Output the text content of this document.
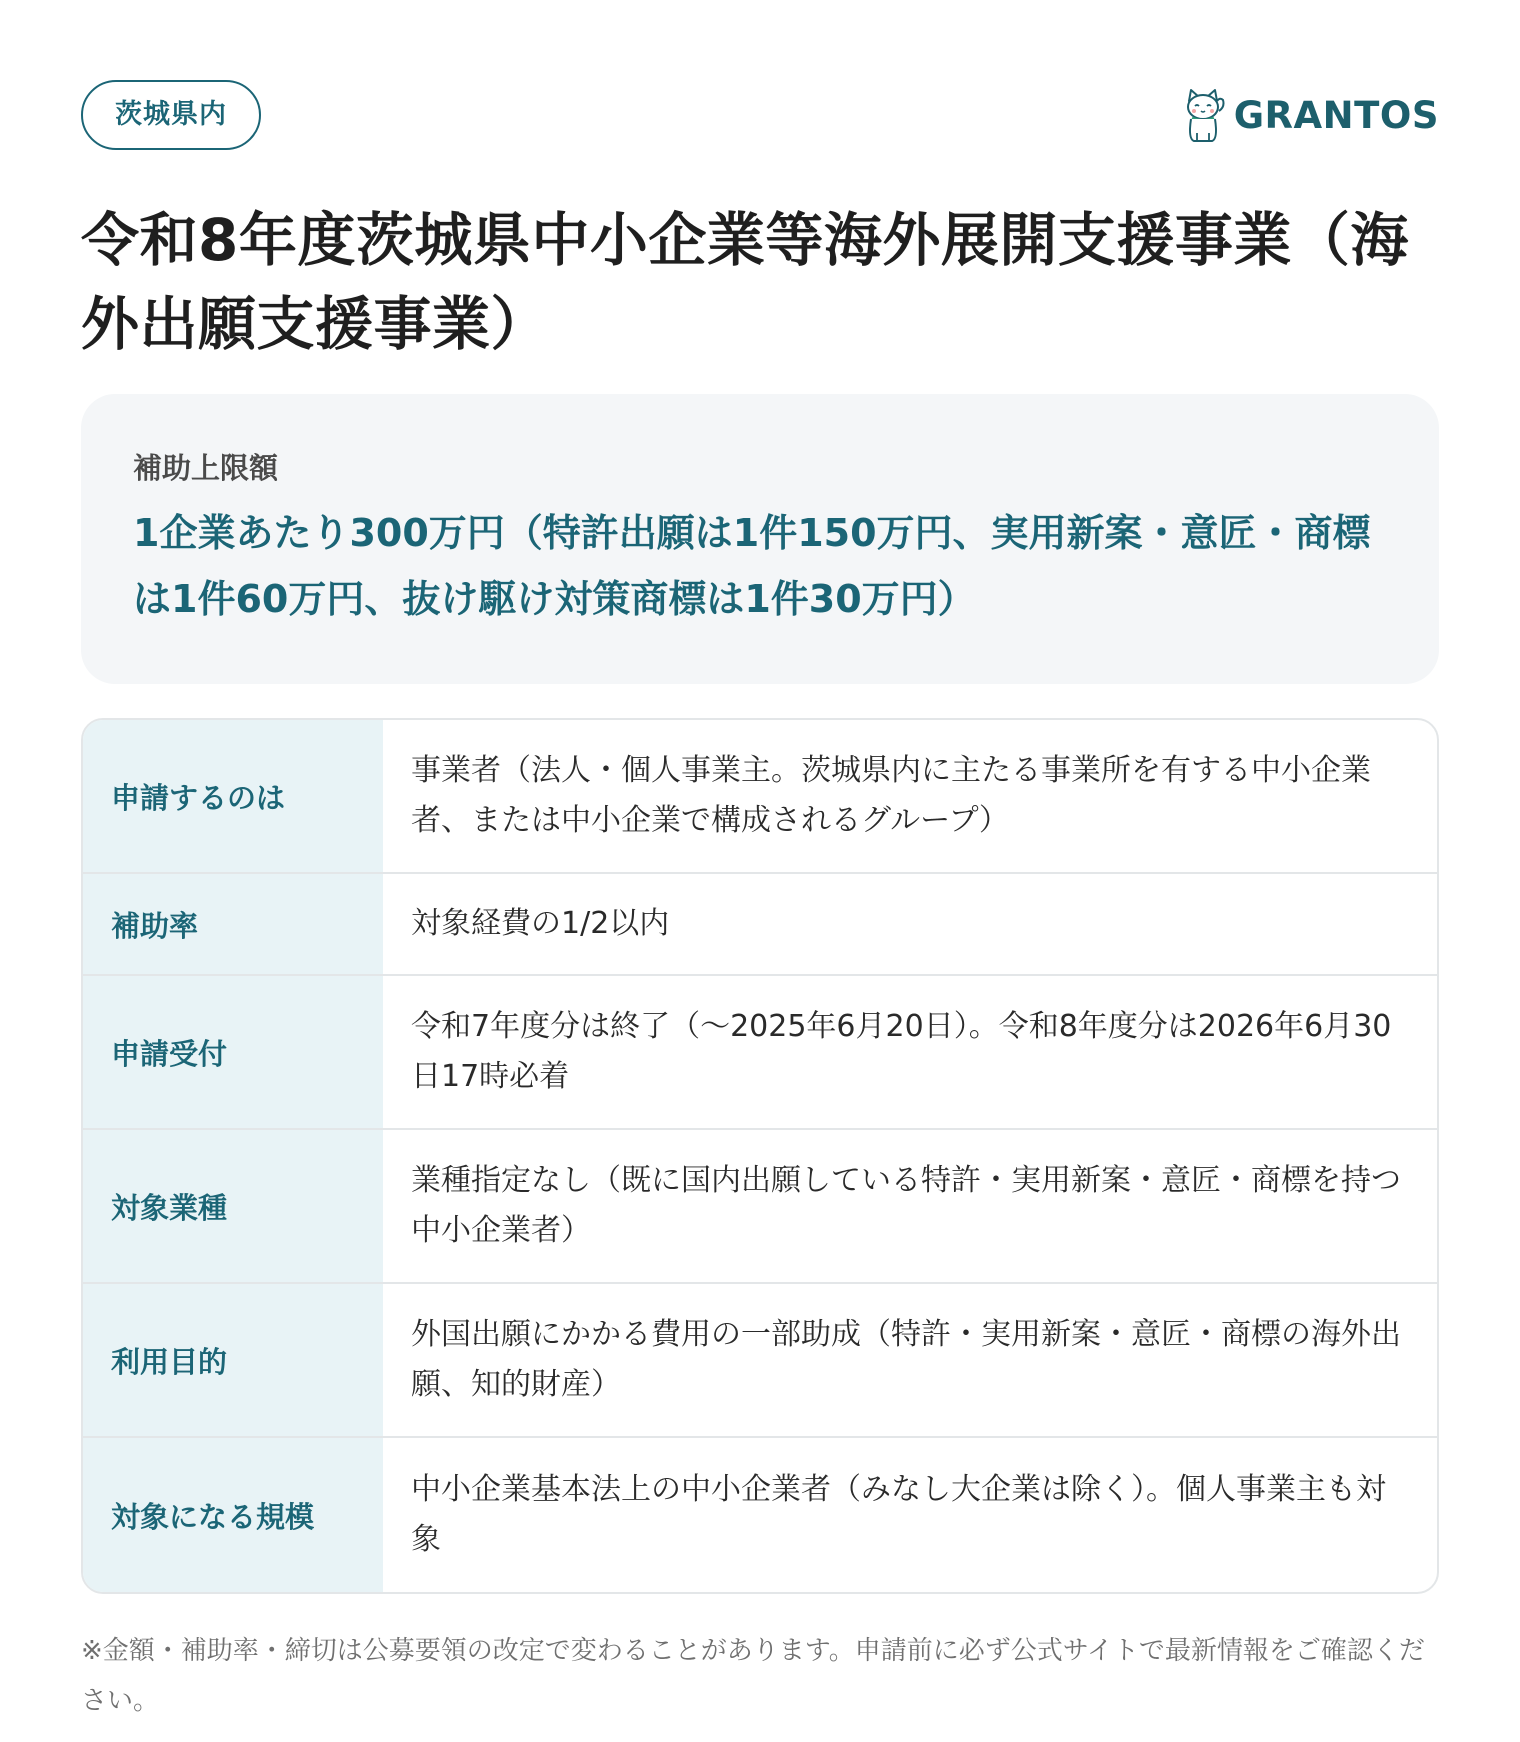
茨城県内	GRANTOS
令和8年度茨城県中小企業等海外展開支援事業（海外出願支援事業）
補助上限額
1企業あたり300万円（特許出願は1件150万円、実用新案・意匠・商標は1件60万円、抜け駆け対策商標は1件30万円）
申請するのは
事業者（法人・個人事業主。茨城県内に主たる事業所を有する中小企業者、または中小企業で構成されるグループ）
補助率	対象経費の1/2以内
申請受付
令和7年度分は終了（〜2025年6月20日）。令和8年度分は2026年6月30日17時必着
対象業種
業種指定なし（既に国内出願している特許・実用新案・意匠・商標を持つ中小企業者）
利用目的
外国出願にかかる費用の一部助成（特許・実用新案・意匠・商標の海外出願、知的財産）
対象になる規模
中小企業基本法上の中小企業者（みなし大企業は除く）。個人事業主も対象

※金額・補助率・締切は公募要領の改定で変わることがあります。申請前に必ず公式サイトで最新情報をご確認ください。
